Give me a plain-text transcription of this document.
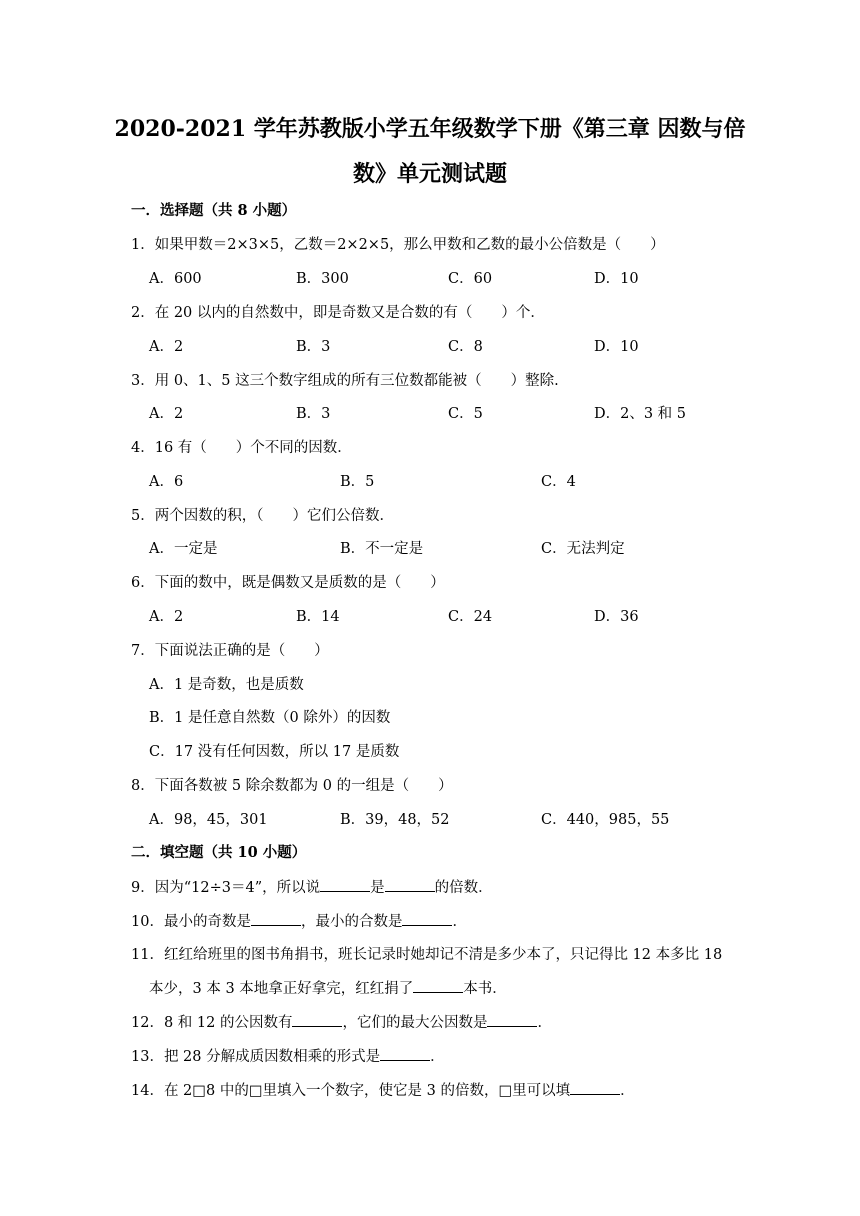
2020-2021 学年苏教版小学五年级数学下册《第三章 因数与倍
数》单元测试题
一．选择题（共 8 小题）
1．如果甲数＝2×3×5，乙数＝2×2×5，那么甲数和乙数的最小公倍数是（　　）
A．600	B．300	C．60	D．10
2．在 20 以内的自然数中，即是奇数又是合数的有（　　）个．
A．2	B．3	C．8	D．10
3．用 0、1、5 这三个数字组成的所有三位数都能被（　　）整除.
A．2	B．3	C．5	D．2、3 和 5
4．16 有（　　）个不同的因数．
A．6	B．5	C．4
5．两个因数的积，（　　）它们公倍数．
A．一定是	B．不一定是	C．无法判定
6．下面的数中，既是偶数又是质数的是（　　）
A．2	B．14	C．24	D．36
7．下面说法正确的是（　　）
A．1 是奇数，也是质数
B．1 是任意自然数（0 除外）的因数
C．17 没有任何因数，所以 17 是质数
8．下面各数被 5 除余数都为 0 的一组是（　　）
A．98，45，301	B．39，48，52	C．440，985，55
二．填空题（共 10 小题）
9．因为“12÷3＝4”，所以说	是	的倍数．
10．最小的奇数是	，最小的合数是	．
11．红红给班里的图书角捐书，班长记录时她却记不清是多少本了，只记得比 12 本多比 18
本少，3 本 3 本地拿正好拿完，红红捐了	本书．
12．8 和 12 的公因数有	，它们的最大公因数是	．
13．把 28 分解成质因数相乘的形式是	．
14．在 2□8 中的□里填入一个数字，使它是 3 的倍数，□里可以填	．
